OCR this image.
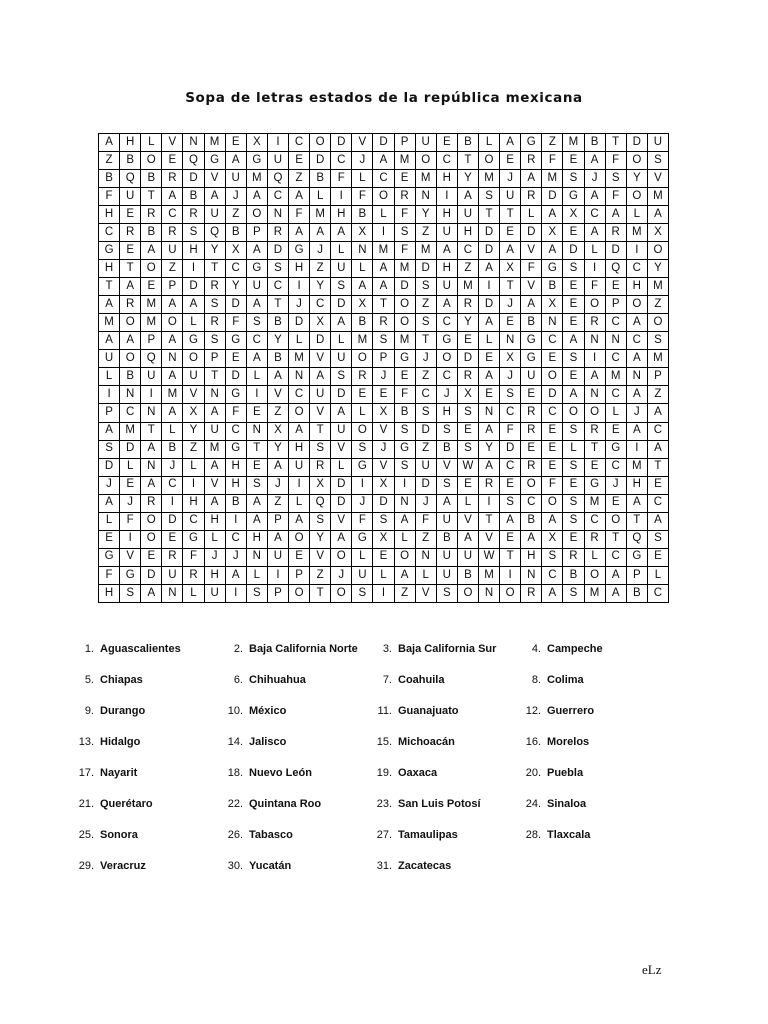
Sopa de letras estados de la república mexicana
A	H	L	V	N	M	E	X	I	C	O	D	V	D	P	U	E	B	L	A	G	Z	M	B	T	D	U
Z	B	O	E	Q	G	A	G	U	E	D	C	J	A	M	O	C	T	O	E	R	F	E	A	F	O	S
B	Q	B	R	D	V	U	M	Q	Z	B	F	L	C	E	M	H	Y	M	J	A	M	S	J	S	Y	V
F	U	T	A	B	A	J	A	C	A	L	I	F	O	R	N	I	A	S	U	R	D	G	A	F	O	M
H	E	R	C	R	U	Z	O	N	F	M	H	B	L	F	Y	H	U	T	T	L	A	X	C	A	L	A
C	R	B	R	S	Q	B	P	R	A	A	A	X	I	S	Z	U	H	D	E	D	X	E	A	R	M	X
G	E	A	U	H	Y	X	A	D	G	J	L	N	M	F	M	A	C	D	A	V	A	D	L	D	I	O
H	T	O	Z	I	T	C	G	S	H	Z	U	L	A	M	D	H	Z	A	X	F	G	S	I	Q	C	Y
T	A	E	P	D	R	Y	U	C	I	Y	S	A	A	D	S	U	M	I	T	V	B	E	F	E	H	M
A	R	M	A	A	S	D	A	T	J	C	D	X	T	O	Z	A	R	D	J	A	X	E	O	P	O	Z
M	O	M	O	L	R	F	S	B	D	X	A	B	R	O	S	C	Y	A	E	B	N	E	R	C	A	O
A	A	P	A	G	S	G	C	Y	L	D	L	M	S	M	T	G	E	L	N	G	C	A	N	N	C	S
U	O	Q	N	O	P	E	A	B	M	V	U	O	P	G	J	O	D	E	X	G	E	S	I	C	A	M
L	B	U	A	U	T	D	L	A	N	A	S	R	J	E	Z	C	R	A	J	U	O	E	A	M	N	P
I	N	I	M	V	N	G	I	V	C	U	D	E	E	F	C	J	X	E	S	E	D	A	N	C	A	Z
P	C	N	A	X	A	F	E	Z	O	V	A	L	X	B	S	H	S	N	C	R	C	O	O	L	J	A
A	M	T	L	Y	U	C	N	X	A	T	U	O	V	S	D	S	E	A	F	R	E	S	R	E	A	C
S	D	A	B	Z	M	G	T	Y	H	S	V	S	J	G	Z	B	S	Y	D	E	E	L	T	G	I	A
D	L	N	J	L	A	H	E	A	U	R	L	G	V	S	U	V	W	A	C	R	E	S	E	C	M	T
J	E	A	C	I	V	H	S	J	I	X	D	I	X	I	D	S	E	R	E	O	F	E	G	J	H	E
A	J	R	I	H	A	B	A	Z	L	Q	D	J	D	N	J	A	L	I	S	C	O	S	M	E	A	C
L	F	O	D	C	H	I	A	P	A	S	V	F	S	A	F	U	V	T	A	B	A	S	C	O	T	A
E	I	O	E	G	L	C	H	A	O	Y	A	G	X	L	Z	B	A	V	E	A	X	E	R	T	Q	S
G	V	E	R	F	J	J	N	U	E	V	O	L	E	O	N	U	U	W	T	H	S	R	L	C	G	E
F	G	D	U	R	H	A	L	I	P	Z	J	U	L	A	L	U	B	M	I	N	C	B	O	A	P	L
H	S	A	N	L	U	I	S	P	O	T	O	S	I	Z	V	S	O	N	O	R	A	S	M	A	B	C
1. Aguascalientes	2. Baja California Norte	3. Baja California Sur	4. Campeche
5. Chiapas	6. Chihuahua	7. Coahuila	8. Colima
9. Durango	10. México	11. Guanajuato	12. Guerrero
13. Hidalgo	14. Jalisco	15. Michoacán	16. Morelos
17. Nayarit	18. Nuevo León	19. Oaxaca	20. Puebla
21. Querétaro	22. Quintana Roo	23. San Luis Potosí	24. Sinaloa
25. Sonora	26. Tabasco	27. Tamaulipas	28. Tlaxcala
29. Veracruz	30. Yucatán	31. Zacatecas
eLz
